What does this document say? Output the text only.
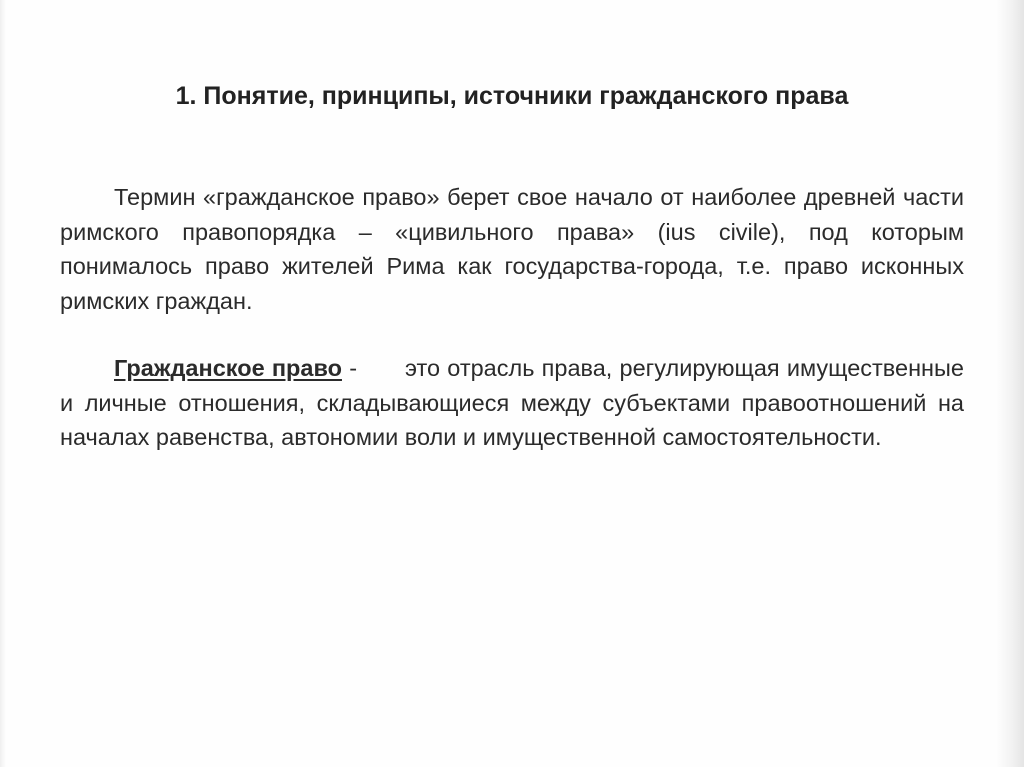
1. Понятие, принципы, источники гражданского права

Термин «гражданское право» берет свое начало от наиболее древней части римского правопорядка – «цивильного права» (ius civile), под которым понималось право жителей Рима как государства-города, т.е. право исконных римских граждан.

Гражданское право - это отрасль права, регулирующая имущественные и личные отношения, складывающиеся между субъектами правоотношений на началах равенства, автономии воли и имущественной самостоятельности.
